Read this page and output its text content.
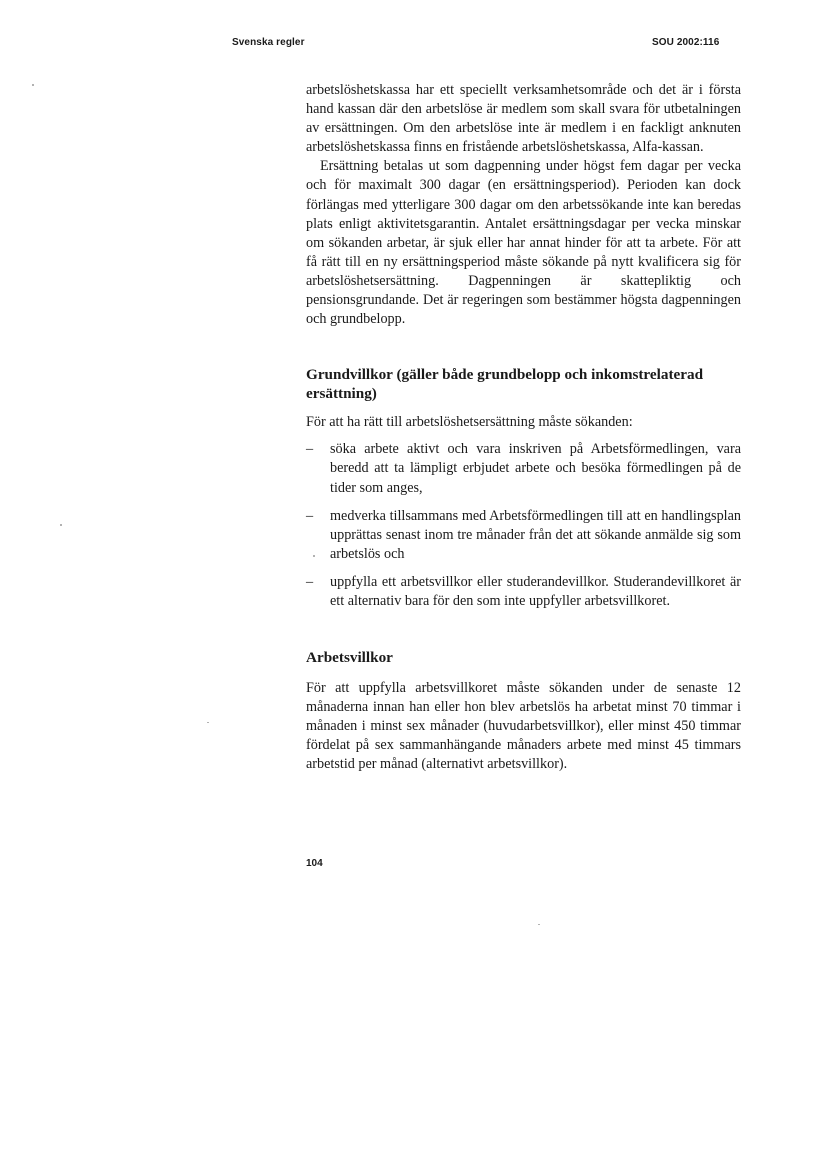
Svenska regler	SOU 2002:116

arbetslöshetskassa har ett speciellt verksamhetsområde och det är i första hand kassan där den arbetslöse är medlem som skall svara för utbetalningen av ersättningen. Om den arbetslöse inte är medlem i en fackligt anknuten arbetslöshetskassa finns en fristående arbetslöshetskassa, Alfa-kassan.

Ersättning betalas ut som dagpenning under högst fem dagar per vecka och för maximalt 300 dagar (en ersättningsperiod). Perioden kan dock förlängas med ytterligare 300 dagar om den arbetssökande inte kan beredas plats enligt aktivitetsgarantin. Antalet ersättningsdagar per vecka minskar om sökanden arbetar, är sjuk eller har annat hinder för att ta arbete. För att få rätt till en ny ersättningsperiod måste sökande på nytt kvalificera sig för arbetslöshetsersättning. Dagpenningen är skattepliktig och pensionsgrundande. Det är regeringen som bestämmer högsta dagpenningen och grundbelopp.

Grundvillkor (gäller både grundbelopp och inkomstrelaterad ersättning)

För att ha rätt till arbetslöshetsersättning måste sökanden:

– söka arbete aktivt och vara inskriven på Arbetsförmedlingen, vara beredd att ta lämpligt erbjudet arbete och besöka förmedlingen på de tider som anges,
– medverka tillsammans med Arbetsförmedlingen till att en handlingsplan upprättas senast inom tre månader från det att sökande anmälde sig som arbetslös och
– uppfylla ett arbetsvillkor eller studerandevillkor. Studerandevillkoret är ett alternativ bara för den som inte uppfyller arbetsvillkoret.
Arbetsvillkor

För att uppfylla arbetsvillkoret måste sökanden under de senaste 12 månaderna innan han eller hon blev arbetslös ha arbetat minst 70 timmar i månaden i minst sex månader (huvudarbetsvillkor), eller minst 450 timmar fördelat på sex sammanhängande månaders arbete med minst 45 timmars arbetstid per månad (alternativt arbetsvillkor).

104
